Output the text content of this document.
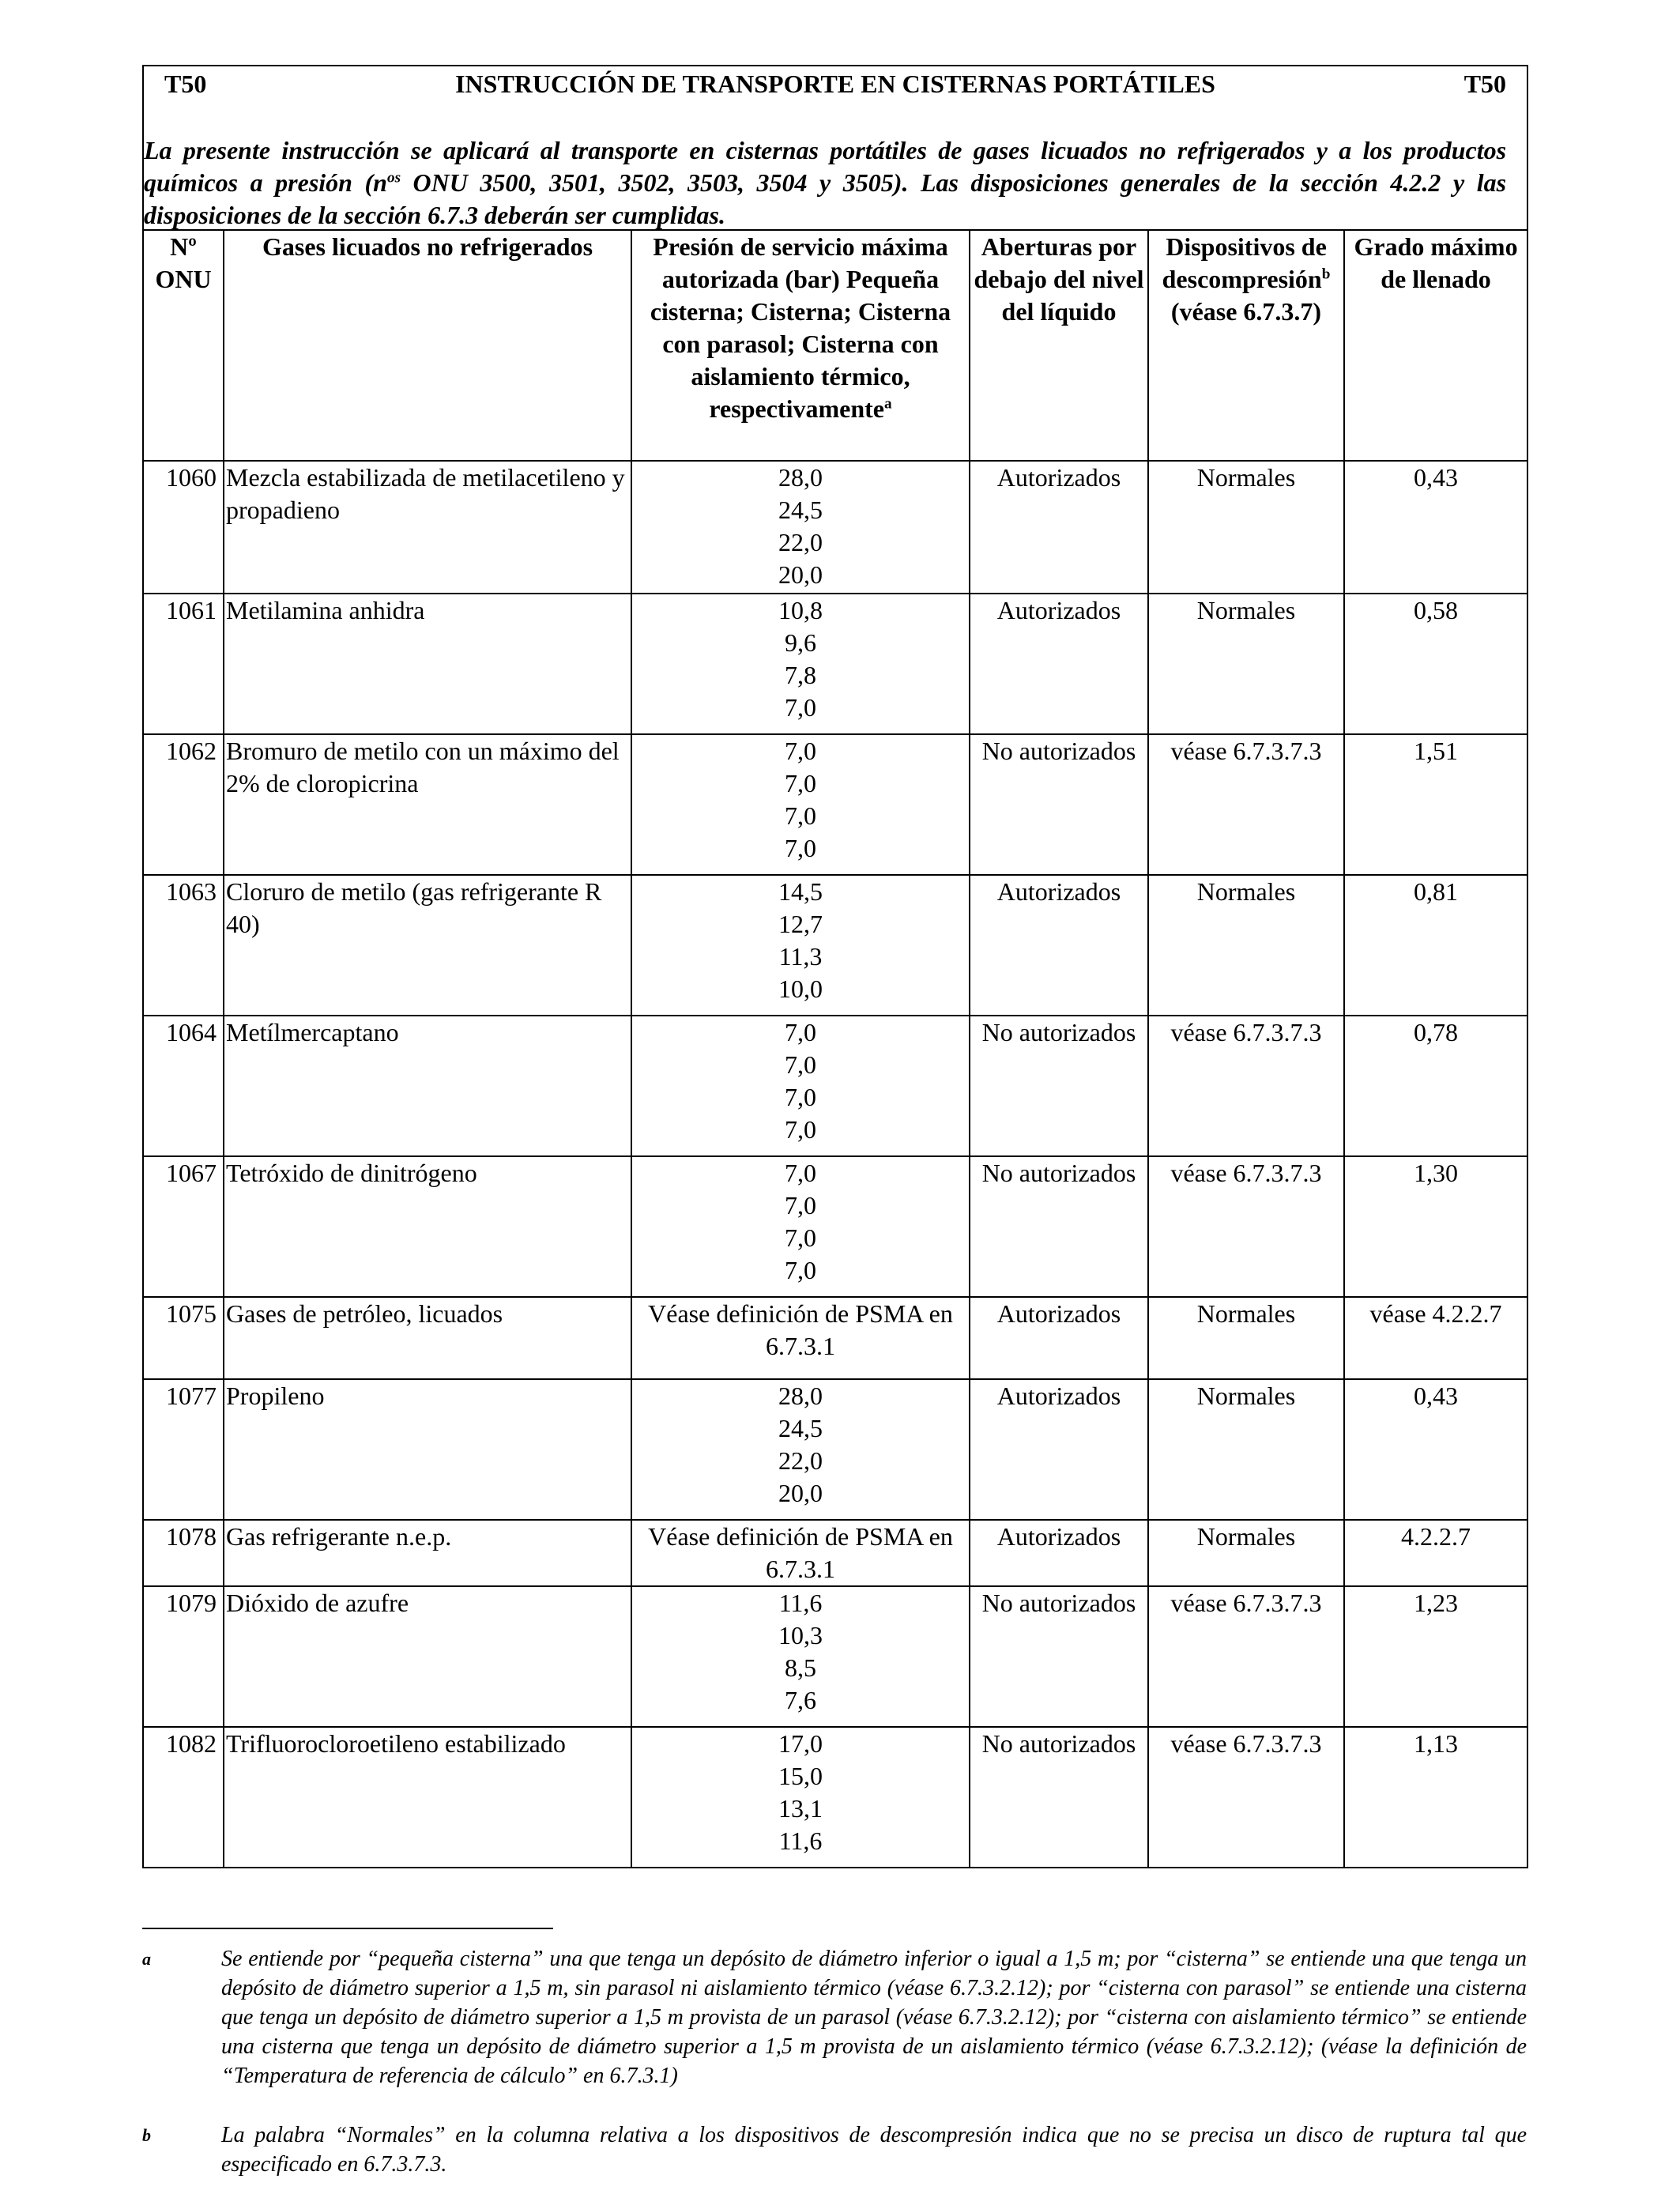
T50 INSTRUCCIÓN DE TRANSPORTE EN CISTERNAS PORTÁTILES T50
La presente instrucción se aplicará al transporte en cisternas portátiles de gases licuados no refrigerados y a los productos químicos a presión ($n^{os}$ ONU 3500, 3501, 3502, 3503, 3504 y 3505). Las disposiciones generales de la sección 4.2.2 y las disposiciones de la sección 6.7.3 deberán ser cumplidas.					

Nº ONU	Gases licuados no refrigerados	Presión de servicio máxima autorizada (bar) Pequeña cisterna; Cisterna; Cisterna con parasol; Cisterna con aislamiento térmico, respectivamente$^a$	Aberturas por debajo del nivel del líquido	Dispositivos de descompresión$^b$ (véase 6.7.3.7)	Grado máximo de llenado
1060	Mezcla estabilizada de metilacetileno y propadieno	28,0
24,5
22,0
20,0	Autorizados	Normales	0,43
1061	Metilamina anhidra	10,8
9,6
7,8
7,0	Autorizados	Normales	0,58
1062	Bromuro de metilo con un máximo del 2% de cloropicrina	7,0
7,0
7,0
7,0	No autorizados	véase 6.7.3.7.3	1,51
1063	Cloruro de metilo (gas refrigerante R 40)	14,5
12,7
11,3
10,0	Autorizados	Normales	0,81
1064	Metílmercaptano	7,0
7,0
7,0
7,0	No autorizados	véase 6.7.3.7.3	0,78
1067	Tetróxido de dinitrógeno	7,0
7,0
7,0
7,0	No autorizados	véase 6.7.3.7.3	1,30
1075	Gases de petróleo, licuados	Véase definición de PSMA en 6.7.3.1	Autorizados	Normales	véase 4.2.2.7
1077	Propileno	28,0
24,5
22,0
20,0	Autorizados	Normales	0,43
1078	Gas refrigerante n.e.p.	Véase definición de PSMA en 6.7.3.1	Autorizados	Normales	4.2.2.7
1079	Dióxido de azufre	11,6
10,3
8,5
7,6	No autorizados	véase 6.7.3.7.3	1,23
1082	Trifluorocloroetileno estabilizado	17,0
15,0
13,1
11,6	No autorizados	véase 6.7.3.7.3	1,13
a	Se entiende por “pequeña cisterna” una que tenga un depósito de diámetro inferior o igual a 1,5 m; por “cisterna” se entiende una que tenga un depósito de diámetro superior a 1,5 m, sin parasol ni aislamiento térmico (véase 6.7.3.2.12); por “cisterna con parasol” se entiende una cisterna que tenga un depósito de diámetro superior a 1,5 m provista de un parasol (véase 6.7.3.2.12); por “cisterna con aislamiento térmico” se entiende una cisterna que tenga un depósito de diámetro superior a 1,5 m provista de un aislamiento térmico (véase 6.7.3.2.12); (véase la definición de “Temperatura de referencia de cálculo” en 6.7.3.1)
b	La palabra “Normales” en la columna relativa a los dispositivos de descompresión indica que no se precisa un disco de ruptura tal que especificado en 6.7.3.7.3.
